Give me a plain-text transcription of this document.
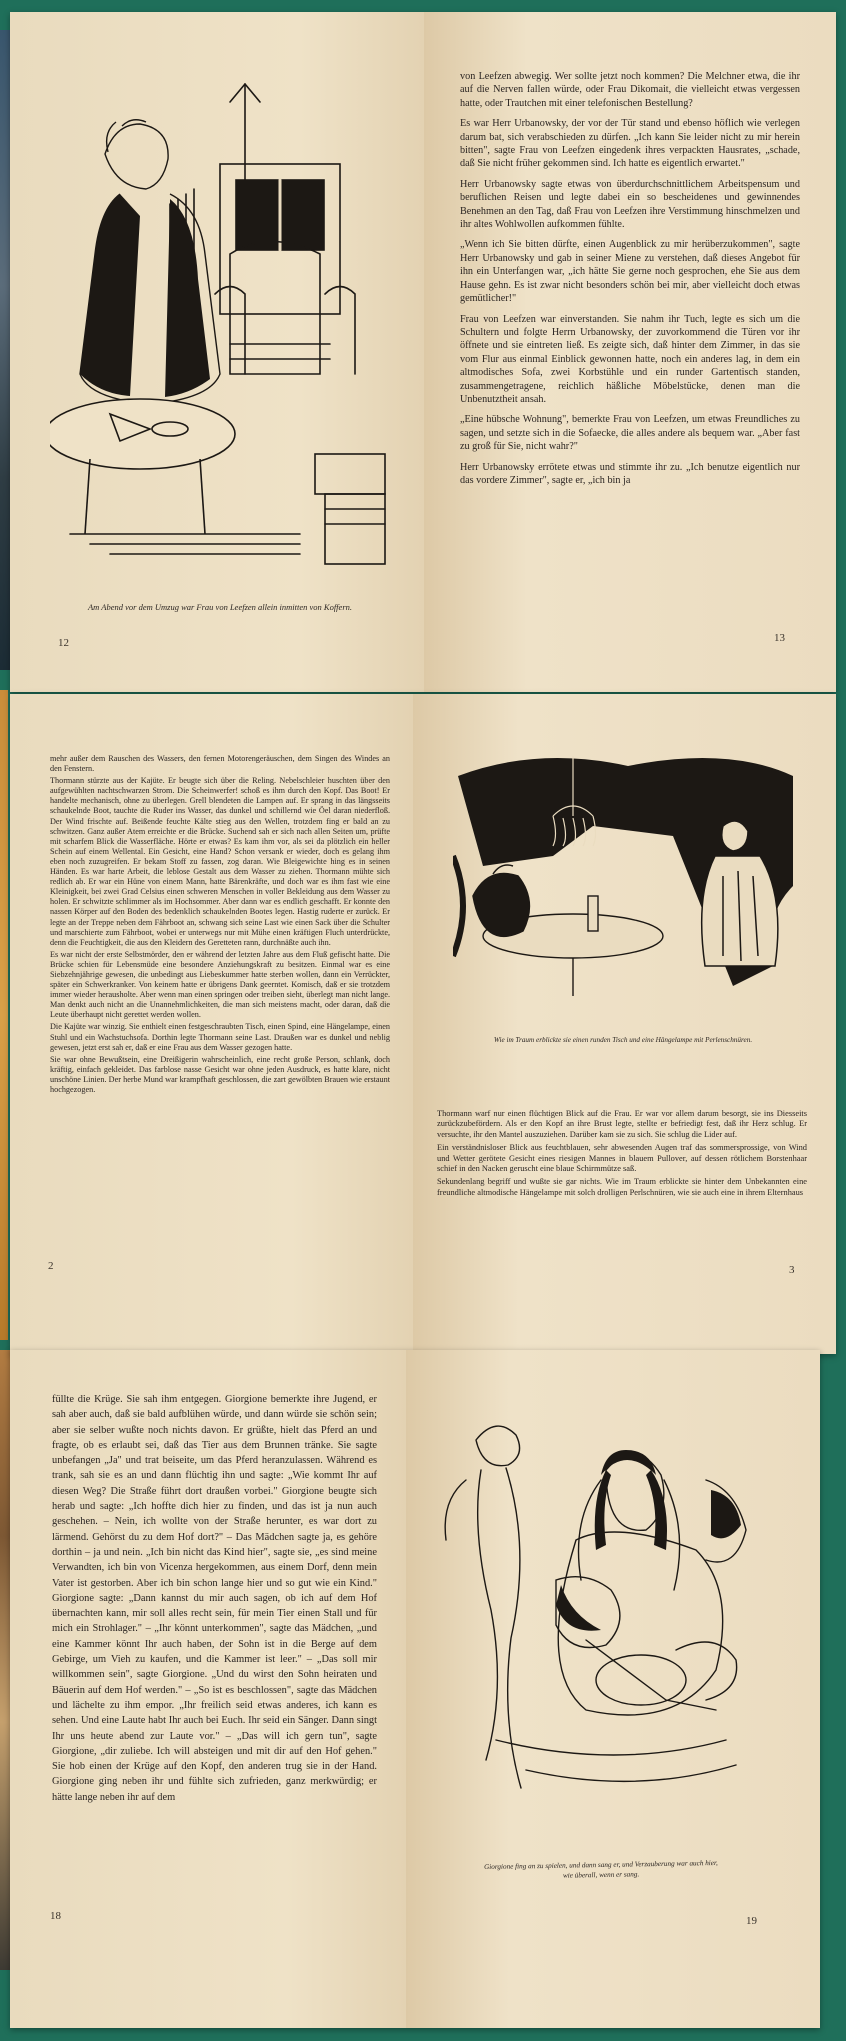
Am Abend vor dem Umzug war Frau von Leefzen allein inmitten von Koffern.
12

von Leefzen abwegig. Wer sollte jetzt noch kommen? Die Melchner etwa, die ihr auf die Nerven fallen würde, oder Frau Dikomait, die vielleicht etwas vergessen hatte, oder Trautchen mit einer telefonischen Bestellung?

Es war Herr Urbanowsky, der vor der Tür stand und ebenso höflich wie verlegen darum bat, sich verabschieden zu dürfen. „Ich kann Sie leider nicht zu mir herein bitten", sagte Frau von Leefzen eingedenk ihres verpackten Hausrates, „schade, daß Sie nicht früher gekommen sind. Ich hatte es eigentlich erwartet."

Herr Urbanowsky sagte etwas von überdurchschnittlichem Arbeitspensum und beruflichen Reisen und legte dabei ein so bescheidenes und gewinnendes Benehmen an den Tag, daß Frau von Leefzen ihre Verstimmung hinschmelzen und ihr altes Wohlwollen aufkommen fühlte.

„Wenn ich Sie bitten dürfte, einen Augenblick zu mir herüberzukommen", sagte Herr Urbanowsky und gab in seiner Miene zu verstehen, daß dieses Angebot für ihn ein Unterfangen war, „ich hätte Sie gerne noch gesprochen, ehe Sie aus dem Hause gehn. Es ist zwar nicht besonders schön bei mir, aber vielleicht doch etwas gemütlicher!"

Frau von Leefzen war einverstanden. Sie nahm ihr Tuch, legte es sich um die Schultern und folgte Herrn Urbanowsky, der zuvorkommend die Türen vor ihr öffnete und sie eintreten ließ. Es zeigte sich, daß hinter dem Zimmer, in das sie vom Flur aus einmal Einblick gewonnen hatte, noch ein anderes lag, in dem ein altmodisches Sofa, zwei Korbstühle und ein runder Gartentisch standen, zusammengetragene, reichlich häßliche Möbelstücke, denen man die Unbenutztheit ansah.

„Eine hübsche Wohnung", bemerkte Frau von Leefzen, um etwas Freundliches zu sagen, und setzte sich in die Sofaecke, die alles andere als bequem war. „Aber fast zu groß für Sie, nicht wahr?"

Herr Urbanowsky errötete etwas und stimmte ihr zu. „Ich benutze eigentlich nur das vordere Zimmer", sagte er, „ich bin ja

13

mehr außer dem Rauschen des Wassers, den fernen Motorengeräuschen, dem Singen des Windes an den Fenstern.

Thormann stürzte aus der Kajüte. Er beugte sich über die Reling. Nebelschleier huschten über den aufgewühlten nachtschwarzen Strom. Die Scheinwerfer! schoß es ihm durch den Kopf. Das Boot! Er handelte mechanisch, ohne zu überlegen. Grell blendeten die Lampen auf. Er sprang in das längsseits schaukelnde Boot, tauchte die Ruder ins Wasser, das dunkel und schillernd wie Öel daran niederfloß. Der Wind frischte auf. Beißende feuchte Kälte stieg aus den Wellen, trotzdem fing er bald an zu schwitzen. Ganz außer Atem erreichte er die Brücke. Suchend sah er sich nach allen Seiten um, prüfte mit scharfem Blick die Wasserfläche. Hörte er etwas? Es kam ihm vor, als sei da plötzlich ein heller Schein auf einem Wellental. Ein Gesicht, eine Hand? Schon versank er wieder, doch es gelang ihm eben noch zuzugreifen. Er bekam Stoff zu fassen, zog daran. Wie Bleigewichte hing es in seinen Händen. Es war harte Arbeit, die leblose Gestalt aus dem Wasser zu ziehen. Thormann mühte sich redlich ab. Er war ein Hüne von einem Mann, hatte Bärenkräfte, und doch war es ihm fast wie eine Kleinigkeit, bei zwei Grad Celsius einen schweren Menschen in voller Bekleidung aus dem Wasser zu holen. Er schwitzte schlimmer als im Hochsommer. Aber dann war es endlich geschafft. Er konnte den nassen Körper auf den Boden des bedenklich schaukelnden Bootes legen. Hastig ruderte er zurück. Er legte an der Treppe neben dem Fährboot an, schwang sich seine Last wie einen Sack über die Schulter und marschierte zum Fährboot, wobei er unterwegs nur mit Mühe einen kräftigen Fluch unterdrückte, denn die Feuchtigkeit, die aus den Kleidern des Geretteten rann, durchnäßte auch ihn.

Es war nicht der erste Selbstmörder, den er während der letzten Jahre aus dem Fluß gefischt hatte. Die Brücke schien für Lebensmüde eine besondere Anziehungskraft zu besitzen. Einmal war es eine Siebzehnjährige gewesen, die unbedingt aus Liebeskummer hatte sterben wollen, dann ein Verrückter, später ein Schwerkranker. Von keinem hatte er übrigens Dank geerntet. Komisch, daß er sie trotzdem immer wieder herausholte. Aber wenn man einen springen oder treiben sieht, überlegt man nicht lange. Man denkt auch nicht an die Unannehmlichkeiten, die man sich meistens macht, oder daran, daß die Leute überhaupt nicht gerettet werden wollen.

Die Kajüte war winzig. Sie enthielt einen festgeschraubten Tisch, einen Spind, eine Hängelampe, einen Stuhl und ein Wachstuchsofa. Dorthin legte Thormann seine Last. Draußen war es dunkel und neblig gewesen, jetzt erst sah er, daß er eine Frau aus dem Wasser gezogen hatte.

Sie war ohne Bewußtsein, eine Dreißigerin wahrscheinlich, eine recht große Person, schlank, doch kräftig, einfach gekleidet. Das farblose nasse Gesicht war ohne jeden Ausdruck, es hatte klare, nicht unschöne Linien. Der herbe Mund war krampfhaft geschlossen, die zart gewölbten Brauen wie erstaunt hochgezogen.

2
Wie im Traum erblickte sie einen runden Tisch und eine Hängelampe mit Perlenschnüren.

Thormann warf nur einen flüchtigen Blick auf die Frau. Er war vor allem darum besorgt, sie ins Diesseits zurückzubefördern. Als er den Kopf an ihre Brust legte, stellte er befriedigt fest, daß ihr Herz schlug. Er versuchte, ihr den Mantel auszuziehen. Darüber kam sie zu sich. Sie schlug die Lider auf.

Ein verständnisloser Blick aus feuchtblauen, sehr abwesenden Augen traf das sommersprossige, von Wind und Wetter gerötete Gesicht eines riesigen Mannes in blauem Pullover, auf dessen rötlichem Borstenhaar schief in den Nacken geruscht eine blaue Schirmmütze saß.

Sekundenlang begriff und wußte sie gar nichts. Wie im Traum erblickte sie hinter dem Unbekannten eine freundliche altmodische Hängelampe mit solch drolligen Perlschnüren, wie sie auch eine in ihrem Elternhaus

3

füllte die Krüge. Sie sah ihm entgegen. Giorgione bemerkte ihre Jugend, er sah aber auch, daß sie bald aufblühen würde, und dann würde sie schön sein; aber sie selber wußte noch nichts davon. Er grüßte, hielt das Pferd an und fragte, ob es erlaubt sei, daß das Tier aus dem Brunnen tränke. Sie sagte unbefangen „Ja" und trat beiseite, um das Pferd heranzulassen. Während es trank, sah sie es an und dann flüchtig ihn und sagte: „Wie kommt Ihr auf diesen Weg? Die Straße führt dort draußen vorbei." Giorgione beugte sich herab und sagte: „Ich hoffte dich hier zu finden, und das ist ja nun auch geschehen. – Nein, ich wollte von der Straße herunter, es war dort zu lärmend. Gehörst du zu dem Hof dort?" – Das Mädchen sagte ja, es gehöre dorthin – ja und nein. „Ich bin nicht das Kind hier", sagte sie, „es sind meine Verwandten, ich bin von Vicenza hergekommen, aus einem Dorf, denn mein Vater ist gestorben. Aber ich bin schon lange hier und so gut wie ein Kind." Giorgione sagte: „Dann kannst du mir auch sagen, ob ich auf dem Hof übernachten kann, mir soll alles recht sein, für mein Tier einen Stall und für mich ein Strohlager." – „Ihr könnt unterkommen", sagte das Mädchen, „und eine Kammer könnt Ihr auch haben, der Sohn ist in die Berge auf dem Gebirge, um Vieh zu kaufen, und die Kammer ist leer." – „Das soll mir willkommen sein", sagte Giorgione. „Und du wirst den Sohn heiraten und Bäuerin auf dem Hof werden." – „So ist es beschlossen", sagte das Mädchen und lächelte zu ihm empor. „Ihr freilich seid etwas anderes, ich kann es sehen. Und eine Laute habt Ihr auch bei Euch. Ihr seid ein Sänger. Dann singt Ihr uns heute abend zur Laute vor." – „Das will ich gern tun", sagte Giorgione, „dir zuliebe. Ich will absteigen und mit dir auf den Hof gehen." Sie hob einen der Krüge auf den Kopf, den anderen trug sie in der Hand. Giorgione ging neben ihr und fühlte sich zufrieden, ganz merkwürdig; er hätte lange neben ihr auf dem

18
Giorgione fing an zu spielen, und dann sang er, und Verzauberung war auch hier,
wie überall, wenn er sang.
19
